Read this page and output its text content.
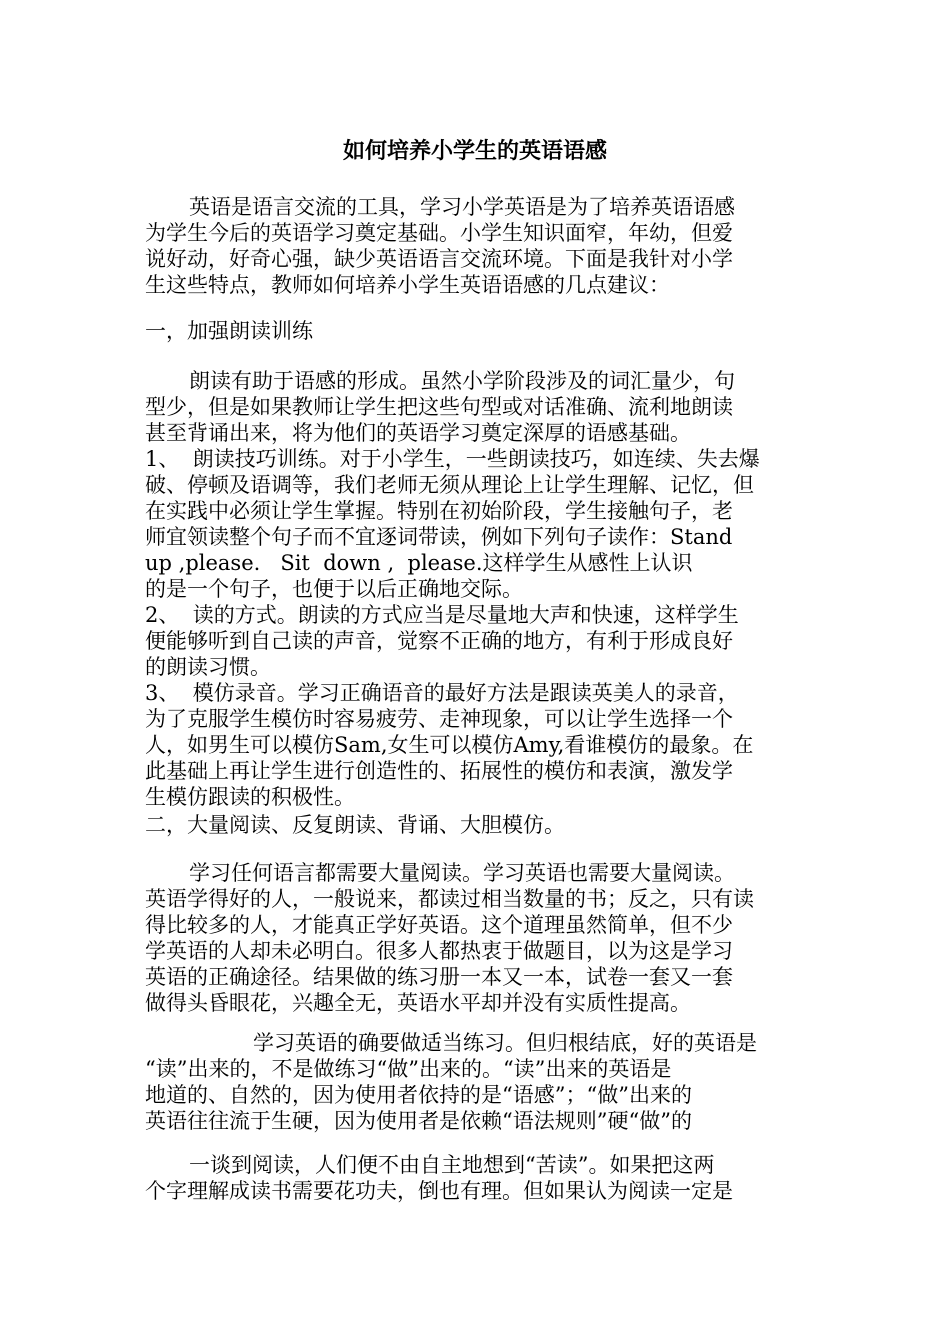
如何培养小学生的英语语感
英语是语言交流的工具，学习小学英语是为了培养英语语感
为学生今后的英语学习奠定基础。小学生知识面窄，年幼，但爱
说好动，好奇心强，缺少英语语言交流环境。下面是我针对小学
生这些特点，教师如何培养小学生英语语感的几点建议：
一，加强朗读训练
朗读有助于语感的形成。虽然小学阶段涉及的词汇量少，句
型少，但是如果教师让学生把这些句型或对话准确、流利地朗读
甚至背诵出来，将为他们的英语学习奠定深厚的语感基础。
1、  朗读技巧训练。对于小学生，一些朗读技巧，如连续、失去爆
破、停顿及语调等，我们老师无须从理论上让学生理解、记忆，但
在实践中必须让学生掌握。特别在初始阶段，学生接触句子，老
师宜领读整个句子而不宜逐词带读，例如下列句子读作：Stand
up ,please.   Sit  down ,  please.这样学生从感性上认识
的是一个句子，也便于以后正确地交际。
2、  读的方式。朗读的方式应当是尽量地大声和快速，这样学生
便能够听到自己读的声音，觉察不正确的地方，有利于形成良好
的朗读习惯。
3、  模仿录音。学习正确语音的最好方法是跟读英美人的录音，
为了克服学生模仿时容易疲劳、走神现象，可以让学生选择一个
人，如男生可以模仿Sam,女生可以模仿Amy,看谁模仿的最象。在
此基础上再让学生进行创造性的、拓展性的模仿和表演，激发学
生模仿跟读的积极性。
二，大量阅读、反复朗读、背诵、大胆模仿。
学习任何语言都需要大量阅读。学习英语也需要大量阅读。
英语学得好的人，一般说来，都读过相当数量的书；反之，只有读
得比较多的人，才能真正学好英语。这个道理虽然简单，但不少
学英语的人却未必明白。很多人都热衷于做题目，以为这是学习
英语的正确途径。结果做的练习册一本又一本，试卷一套又一套
做得头昏眼花，兴趣全无，英语水平却并没有实质性提高。
学习英语的确要做适当练习。但归根结底，好的英语是
“读”出来的，不是做练习“做”出来的。“读”出来的英语是
地道的、自然的，因为使用者依持的是“语感”；“做”出来的
英语往往流于生硬，因为使用者是依赖“语法规则”硬“做”的
一谈到阅读，人们便不由自主地想到“苦读”。如果把这两
个字理解成读书需要花功夫，倒也有理。但如果认为阅读一定是
